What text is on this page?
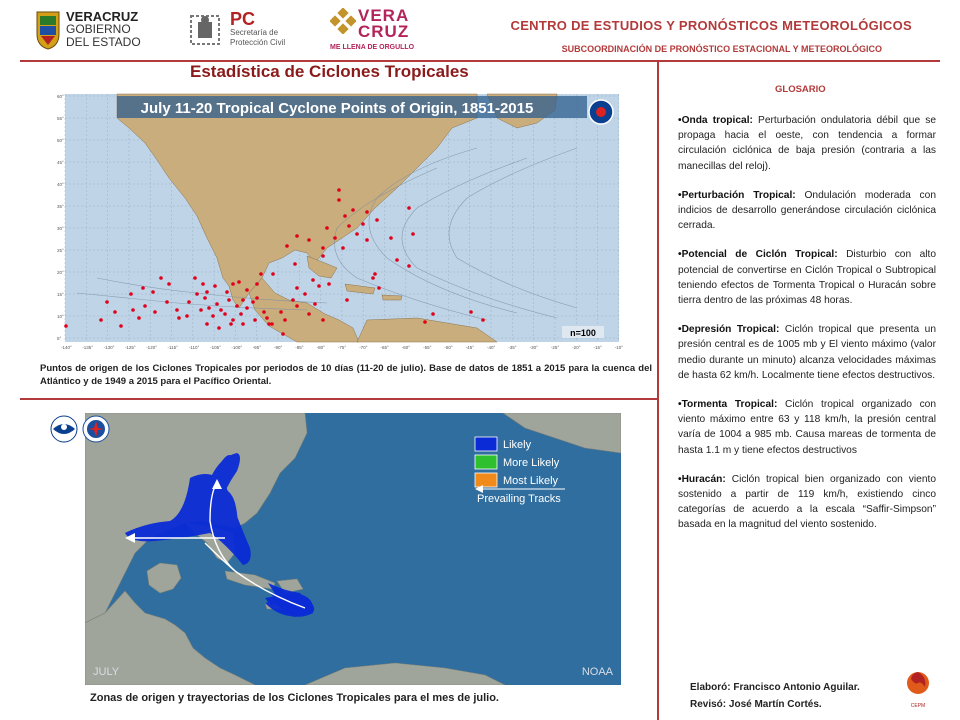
VERACRUZ
GOBIERNO
DEL ESTADO
PC
Secretaría de
Protección Civil
VERA
CRUZ
ME LLENA DE ORGULLO
CENTRO DE ESTUDIOS Y PRONÓSTICOS METEOROLÓGICOS
SUBCOORDINACIÓN DE PRONÓSTICO ESTACIONAL Y METEOROLÓGICO
Estadística de Ciclones Tropicales
July 11-20 Tropical Cyclone Points of Origin, 1851-2015
n=100
60°
55°
50°
45°
40°
35°
30°
25°
20°
15°
10°
5°
-140° -135° -130° -125° -120° -115° -110° -105° -100° -95°	-90°	-85°	-80°	-75°	-70°	-65°	-60°	-55°	-50°	-45°	-40°	-35°	-30°	-25°	-20°	-15°	-10°
Puntos de origen de los Ciclones Tropicales por periodos de 10 días (11-20 de julio). Base de datos de 1851 a 2015 para la cuenca del Atlántico y de 1949 a 2015 para el Pacífico Oriental.
Likely
More Likely
Most Likely
Prevailing Tracks
JULY	NOAA
Zonas de origen y trayectorias de los Ciclones Tropicales para el mes de julio.
GLOSARIO

•Onda tropical: Perturbación ondulatoria débil que se propaga hacia el oeste, con tendencia a formar circulación ciclónica de baja presión (contraria a las manecillas del reloj).

•Perturbación Tropical: Ondulación moderada con indicios de desarrollo generándose circulación ciclónica cerrada.

•Potencial de Ciclón Tropical: Disturbio con alto potencial de convertirse en Ciclón Tropical o Subtropical teniendo efectos de Tormenta Tropical o Huracán sobre tierra dentro de las próximas 48 horas.

•Depresión Tropical: Ciclón tropical que presenta un presión central es de 1005 mb y El viento máximo (valor medio durante un minuto) alcanza velocidades máximas de hasta 62 km/h. Localmente tiene efectos destructivos.

•Tormenta Tropical: Ciclón tropical organizado con viento máximo entre 63 y 118 km/h, la presión central varía de 1004 a 985 mb. Causa mareas de tormenta de hasta 1.1 m y tiene efectos destructivos

•Huracán: Ciclón tropical bien organizado con viento sostenido a partir de 119 km/h, existiendo cinco categorías de acuerdo a la escala “Saffir-Simpson” basada en la magnitud del viento sostenido.

Elaboró: Francisco Antonio Aguilar.
Revisó: José Martín Cortés.	CEPM
